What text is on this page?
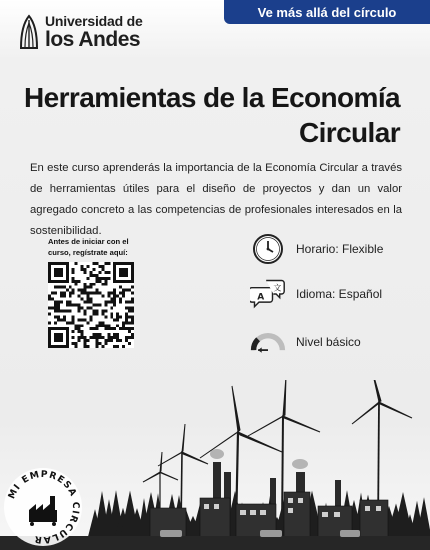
Universidad de
los Andes
Ve más allá del círculo
Herramientas de la Economía
Circular
En este curso aprenderás la importancia de la Economía Circular a través de herramientas útiles para el diseño de proyectos y dan un valor agregado concreto a las competencias de profesionales interesados en la sostenibilidad.
Antes de iniciar con el curso, regístrate aquí:	Horario: Flexible
A
文 Idioma: Español
Nivel básico
MI EMPRESA CIRCULAR
